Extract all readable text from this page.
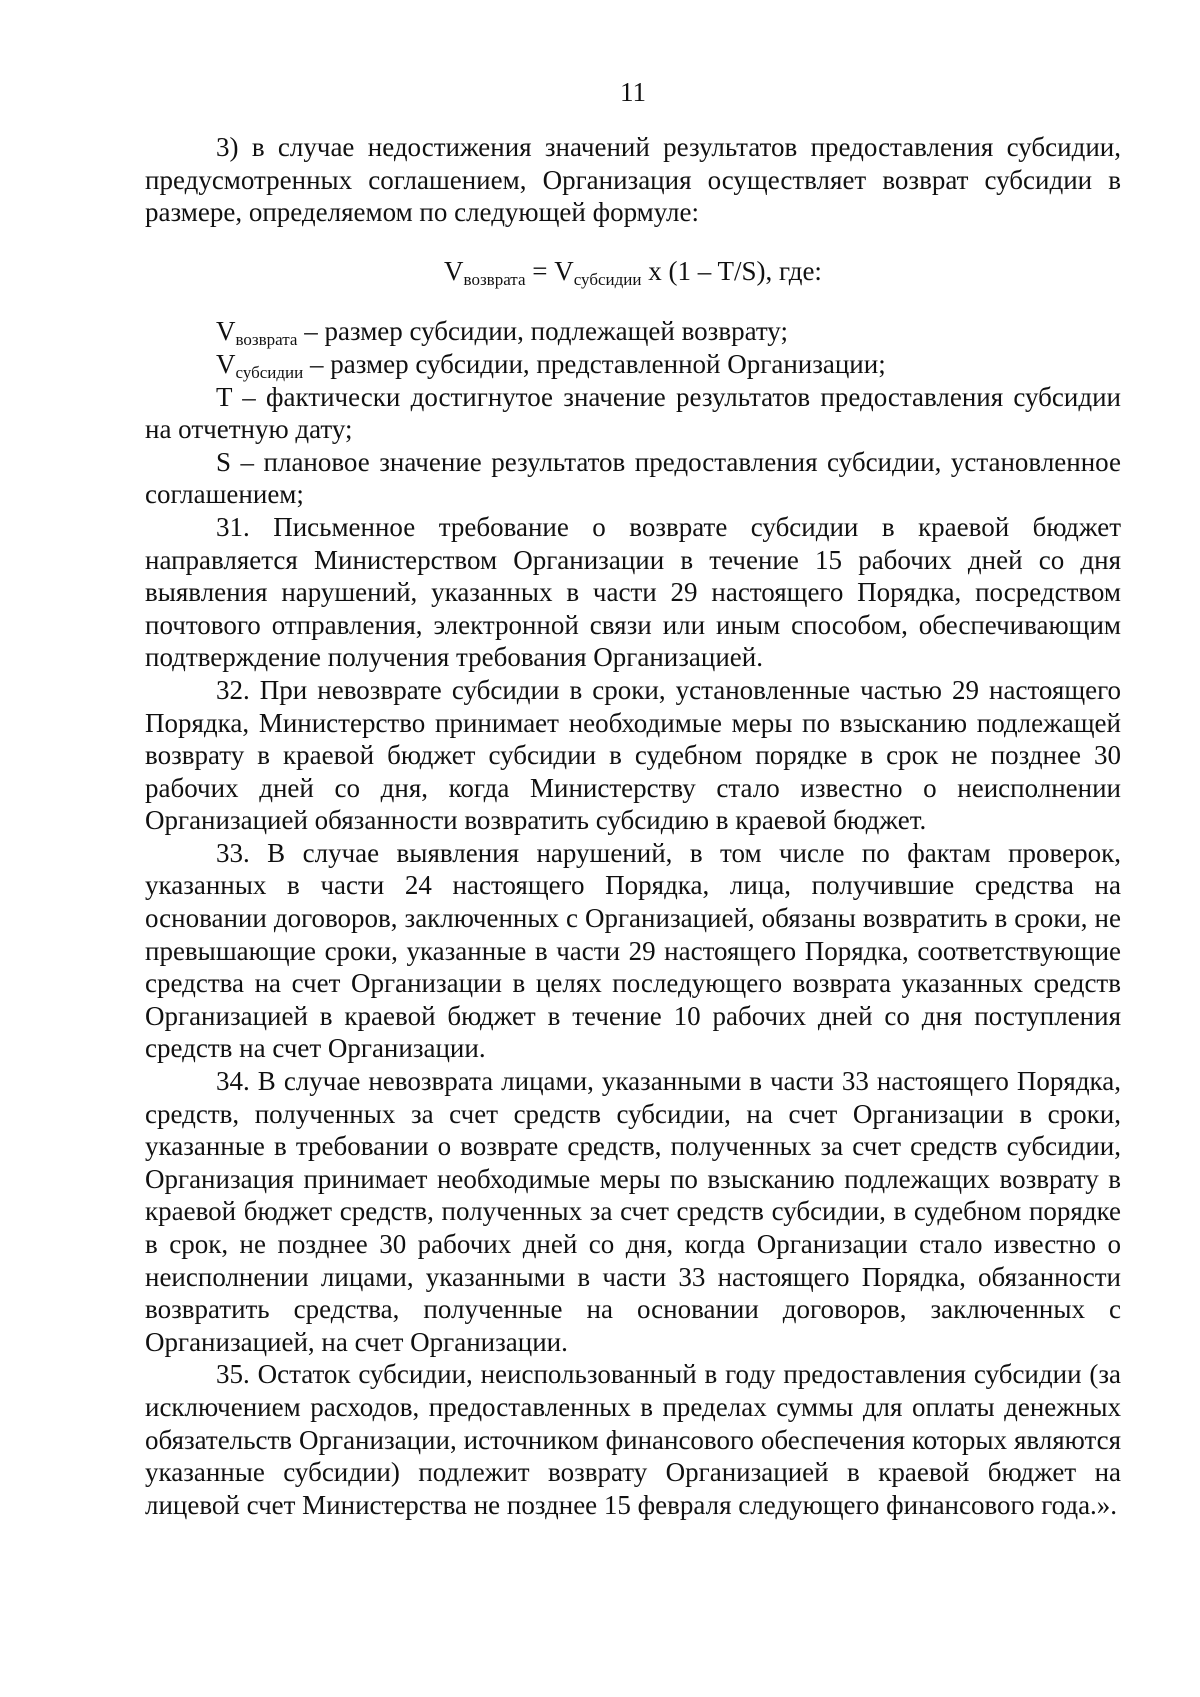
11

3) в случае недостижения значений результатов предоставления субсидии, предусмотренных соглашением, Организация осуществляет возврат субсидии в размере, определяемом по следующей формуле:

$V_{возврата} = V_{субсидии}$ x (1 – T/S), где:

$V_{возврата}$ – размер субсидии, подлежащей возврату;

$V_{субсидии}$ – размер субсидии, представленной Организации;

T – фактически достигнутое значение результатов предоставления субсидии на отчетную дату;

S – плановое значение результатов предоставления субсидии, установленное соглашением;

31. Письменное требование о возврате субсидии в краевой бюджет направляется Министерством Организации в течение 15 рабочих дней со дня выявления нарушений, указанных в части 29 настоящего Порядка, посредством почтового отправления, электронной связи или иным способом, обеспечивающим подтверждение получения требования Организацией.

32. При невозврате субсидии в сроки, установленные частью 29 настоящего Порядка, Министерство принимает необходимые меры по взысканию подлежащей возврату в краевой бюджет субсидии в судебном порядке в срок не позднее 30 рабочих дней со дня, когда Министерству стало известно о неисполнении Организацией обязанности возвратить субсидию в краевой бюджет.

33. В случае выявления нарушений, в том числе по фактам проверок, указанных в части 24 настоящего Порядка, лица, получившие средства на основании договоров, заключенных с Организацией, обязаны возвратить в сроки, не превышающие сроки, указанные в части 29 настоящего Порядка, соответствующие средства на счет Организации в целях последующего возврата указанных средств Организацией в краевой бюджет в течение 10 рабочих дней со дня поступления средств на счет Организации.

34. В случае невозврата лицами, указанными в части 33 настоящего Порядка, средств, полученных за счет средств субсидии, на счет Организации в сроки, указанные в требовании о возврате средств, полученных за счет средств субсидии, Организация принимает необходимые меры по взысканию подлежащих возврату в краевой бюджет средств, полученных за счет средств субсидии, в судебном порядке в срок, не позднее 30 рабочих дней со дня, когда Организации стало известно о неисполнении лицами, указанными в части 33 настоящего Порядка, обязанности возвратить средства, полученные на основании договоров, заключенных с Организацией, на счет Организации.

35. Остаток субсидии, неиспользованный в году предоставления субсидии (за исключением расходов, предоставленных в пределах суммы для оплаты денежных обязательств Организации, источником финансового обеспечения которых являются указанные субсидии) подлежит возврату Организацией в краевой бюджет на лицевой счет Министерства не позднее 15 февраля следующего финансового года.».
